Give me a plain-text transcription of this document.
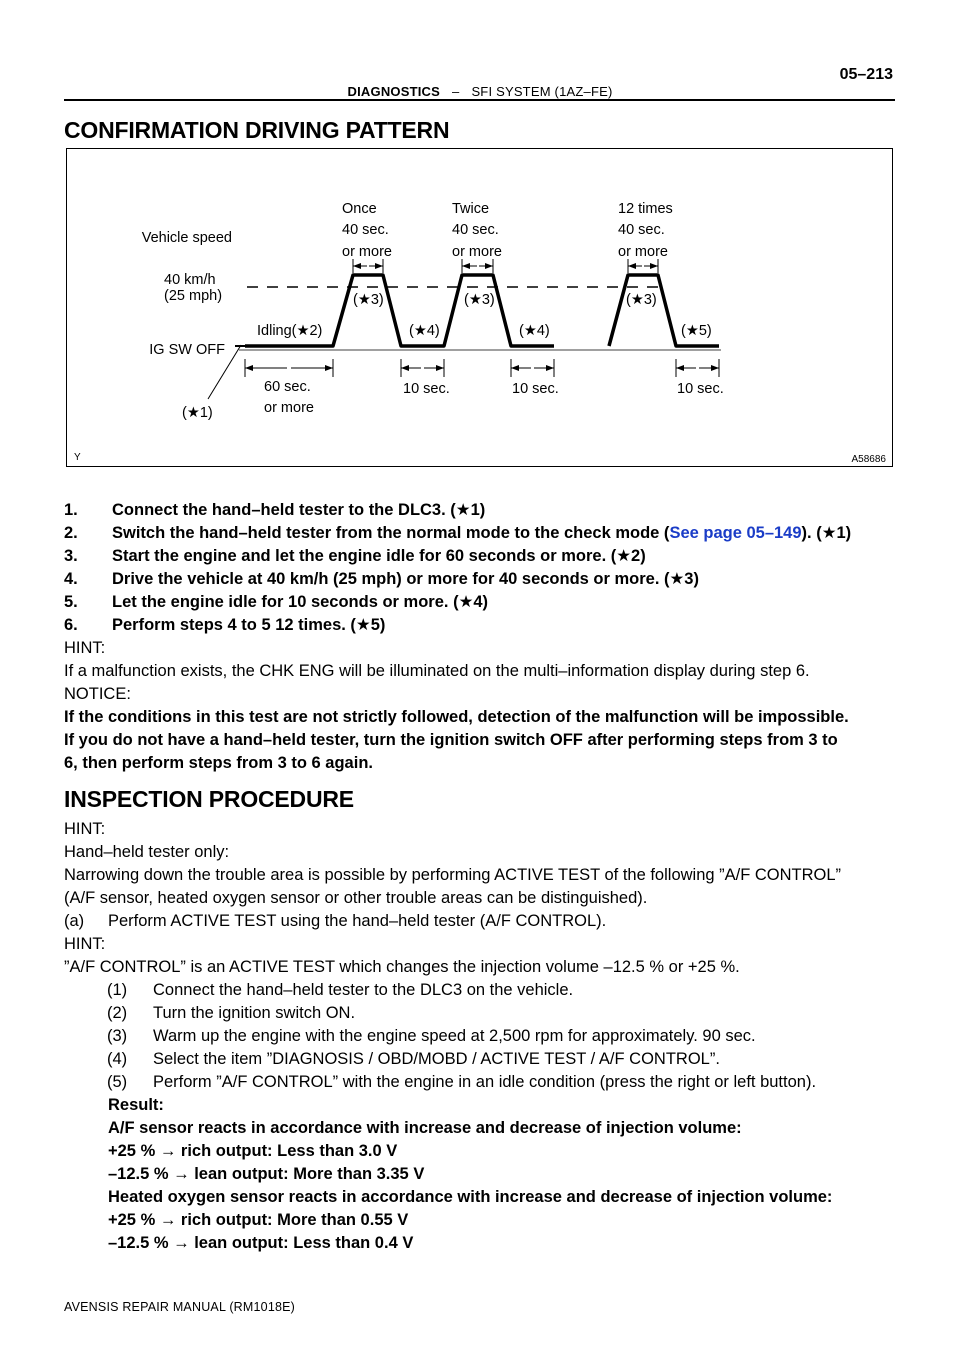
DIAGNOSTICS – SFI SYSTEM (1AZ–FE)
05–213
CONFIRMATION DRIVING PATTERN
Vehicle speed
40 km/h
(25 mph)
IG SW OFF
(★1)
Idling(★2)
60 sec.
or more
Once
40 sec.
or more
Twice
40 sec.
or more
12 times
40 sec.
or more
(★3)	(★3)	(★3)
(★4)	(★4)	(★5)
10 sec.	10 sec.	10 sec.
Y	A58686
1. Connect the hand–held tester to the DLC3. (★1)
2. Switch the hand–held tester from the normal mode to the check mode (See page 05–149). (★1)
3. Start the engine and let the engine idle for 60 seconds or more. (★2)
4. Drive the vehicle at 40 km/h (25 mph) or more for 40 seconds or more. (★3)
5. Let the engine idle for 10 seconds or more. (★4)
6. Perform steps 4 to 5 12 times. (★5)
HINT:
If a malfunction exists, the CHK ENG will be illuminated on the multi–information display during step 6.
NOTICE:
If the conditions in this test are not strictly followed, detection of the malfunction will be impossible.
If you do not have a hand–held tester, turn the ignition switch OFF after performing steps from 3 to
6, then perform steps from 3 to 6 again.
INSPECTION PROCEDURE
HINT:
Hand–held tester only:
Narrowing down the trouble area is possible by performing ACTIVE TEST of the following ”A/F CONTROL”
(A/F sensor, heated oxygen sensor or other trouble areas can be distinguished).
(a) Perform ACTIVE TEST using the hand–held tester (A/F CONTROL).
HINT:
”A/F CONTROL” is an ACTIVE TEST which changes the injection volume –12.5 % or +25 %.
(1) Connect the hand–held tester to the DLC3 on the vehicle.
(2) Turn the ignition switch ON.
(3) Warm up the engine with the engine speed at 2,500 rpm for approximately. 90 sec.
(4) Select the item ”DIAGNOSIS / OBD/MOBD / ACTIVE TEST / A/F CONTROL”.
(5) Perform ”A/F CONTROL” with the engine in an idle condition (press the right or left button).
Result:
A/F sensor reacts in accordance with increase and decrease of injection volume:
+25 % → rich output: Less than 3.0 V
–12.5 % → lean output: More than 3.35 V
Heated oxygen sensor reacts in accordance with increase and decrease of injection volume:
+25 % → rich output: More than 0.55 V
–12.5 % → lean output: Less than 0.4 V
AVENSIS REPAIR MANUAL (RM1018E)
